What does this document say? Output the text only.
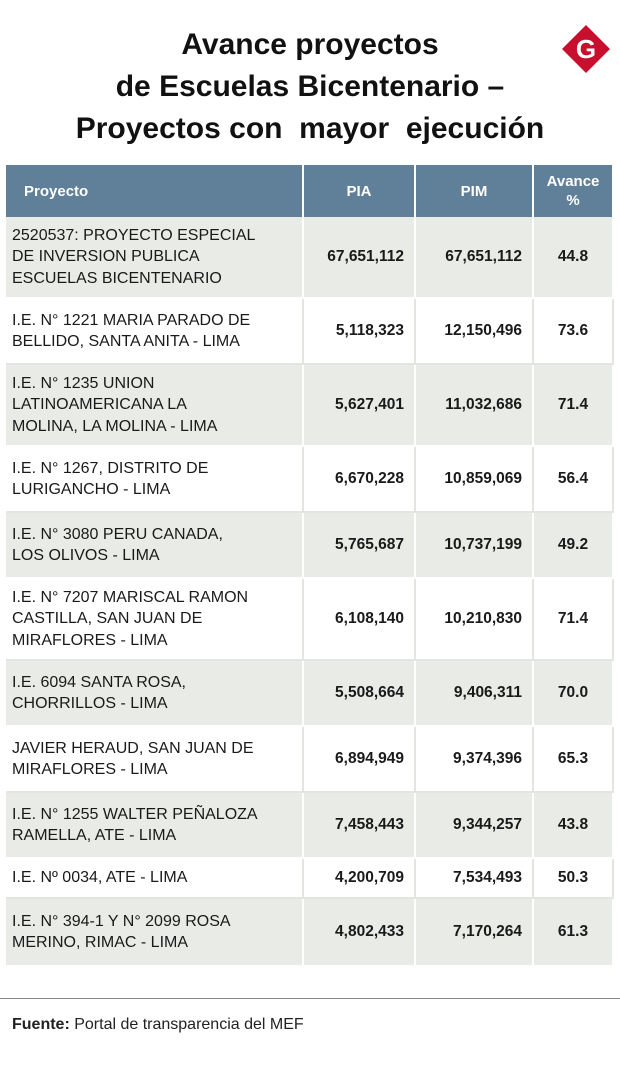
Avance proyectos
de Escuelas Bicentenario –
Proyectos con  mayor  ejecución
G
Proyecto	PIA	PIM	Avance
%

2520537: PROYECTO ESPECIAL
DE INVERSION PUBLICA
ESCUELAS BICENTENARIO	67,651,112	67,651,112	44.8
I.E. N° 1221 MARIA PARADO DE
BELLIDO, SANTA ANITA - LIMA	5,118,323	12,150,496	73.6
I.E. N° 1235 UNION
LATINOAMERICANA LA
MOLINA, LA MOLINA - LIMA	5,627,401	11,032,686	71.4
I.E. N° 1267, DISTRITO DE
LURIGANCHO - LIMA	6,670,228	10,859,069	56.4
I.E. N° 3080 PERU CANADA,
LOS OLIVOS - LIMA	5,765,687	10,737,199	49.2
I.E. N° 7207 MARISCAL RAMON
CASTILLA, SAN JUAN DE
MIRAFLORES - LIMA	6,108,140	10,210,830	71.4
I.E. 6094 SANTA ROSA,
CHORRILLOS - LIMA	5,508,664	9,406,311	70.0
JAVIER HERAUD, SAN JUAN DE
MIRAFLORES - LIMA	6,894,949	9,374,396	65.3
I.E. N° 1255 WALTER PEÑALOZA
RAMELLA, ATE - LIMA	7,458,443	9,344,257	43.8
I.E. Nº 0034, ATE - LIMA	4,200,709	7,534,493	50.3
I.E. N° 394-1 Y N° 2099 ROSA
MERINO, RIMAC - LIMA	4,802,433	7,170,264	61.3
Fuente: Portal de transparencia del MEF
